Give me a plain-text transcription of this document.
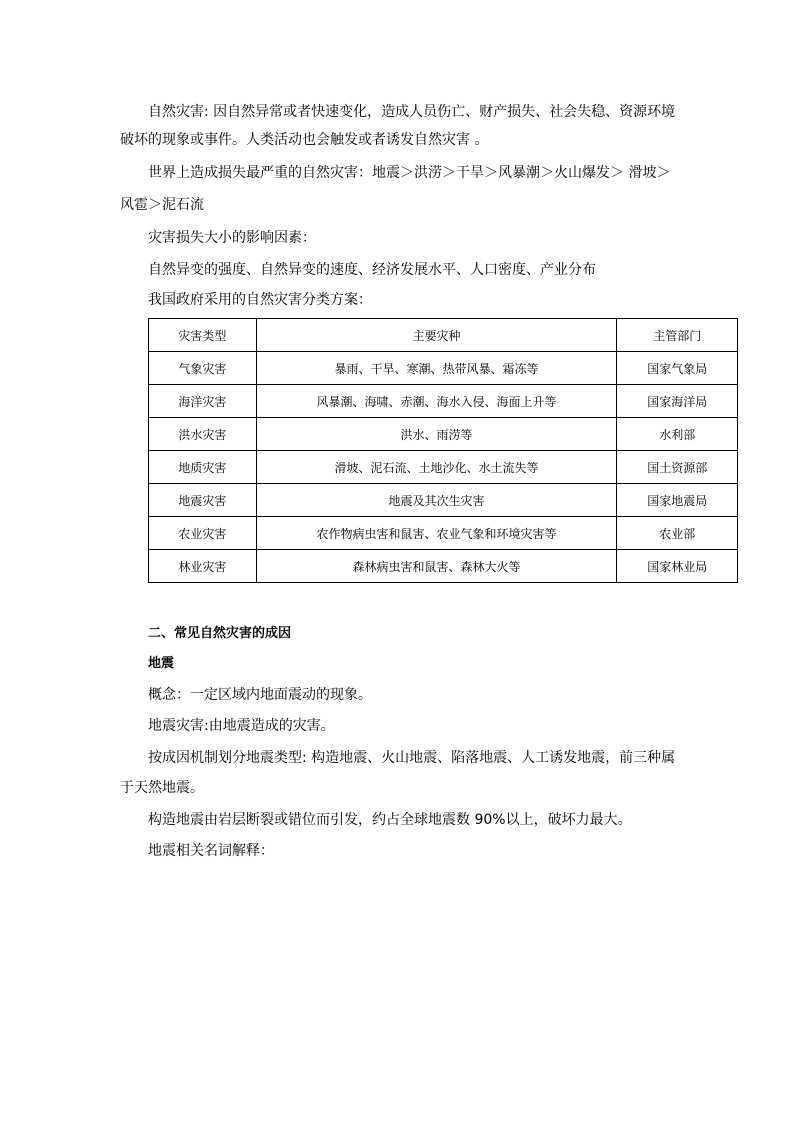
自然灾害: 因自然异常或者快速变化，造成人员伤亡、财产损失、社会失稳、资源环境
破坏的现象或事件。人类活动也会触发或者诱发自然灾害 。
世界上造成损失最严重的自然灾害：地震＞洪涝＞干旱＞风暴潮＞火山爆发＞ 滑坡＞
风雹＞泥石流
灾害损失大小的影响因素：
自然异变的强度、自然异变的速度、经济发展水平、人口密度、产业分布
我国政府采用的自然灾害分类方案：
灾害类型	主要灾种	主管部门
气象灾害	暴雨、干旱、寒潮、热带风暴、霜冻等	国家气象局
海洋灾害	风暴潮、海啸、赤潮、海水入侵、海面上升等	国家海洋局
洪水灾害	洪水、雨涝等	水利部
地质灾害	滑坡、泥石流、土地沙化、水土流失等	国土资源部
地震灾害	地震及其次生灾害	国家地震局
农业灾害	农作物病虫害和鼠害、农业气象和环境灾害等	农业部
林业灾害	森林病虫害和鼠害、森林大火等	国家林业局
二、常见自然灾害的成因
地震
概念：一定区域内地面震动的现象。
地震灾害:由地震造成的灾害。
按成因机制划分地震类型: 构造地震、火山地震、陷落地震、人工诱发地震，前三种属
于天然地震。
构造地震由岩层断裂或错位而引发，约占全球地震数 90%以上，破坏力最大。
地震相关名词解释：
